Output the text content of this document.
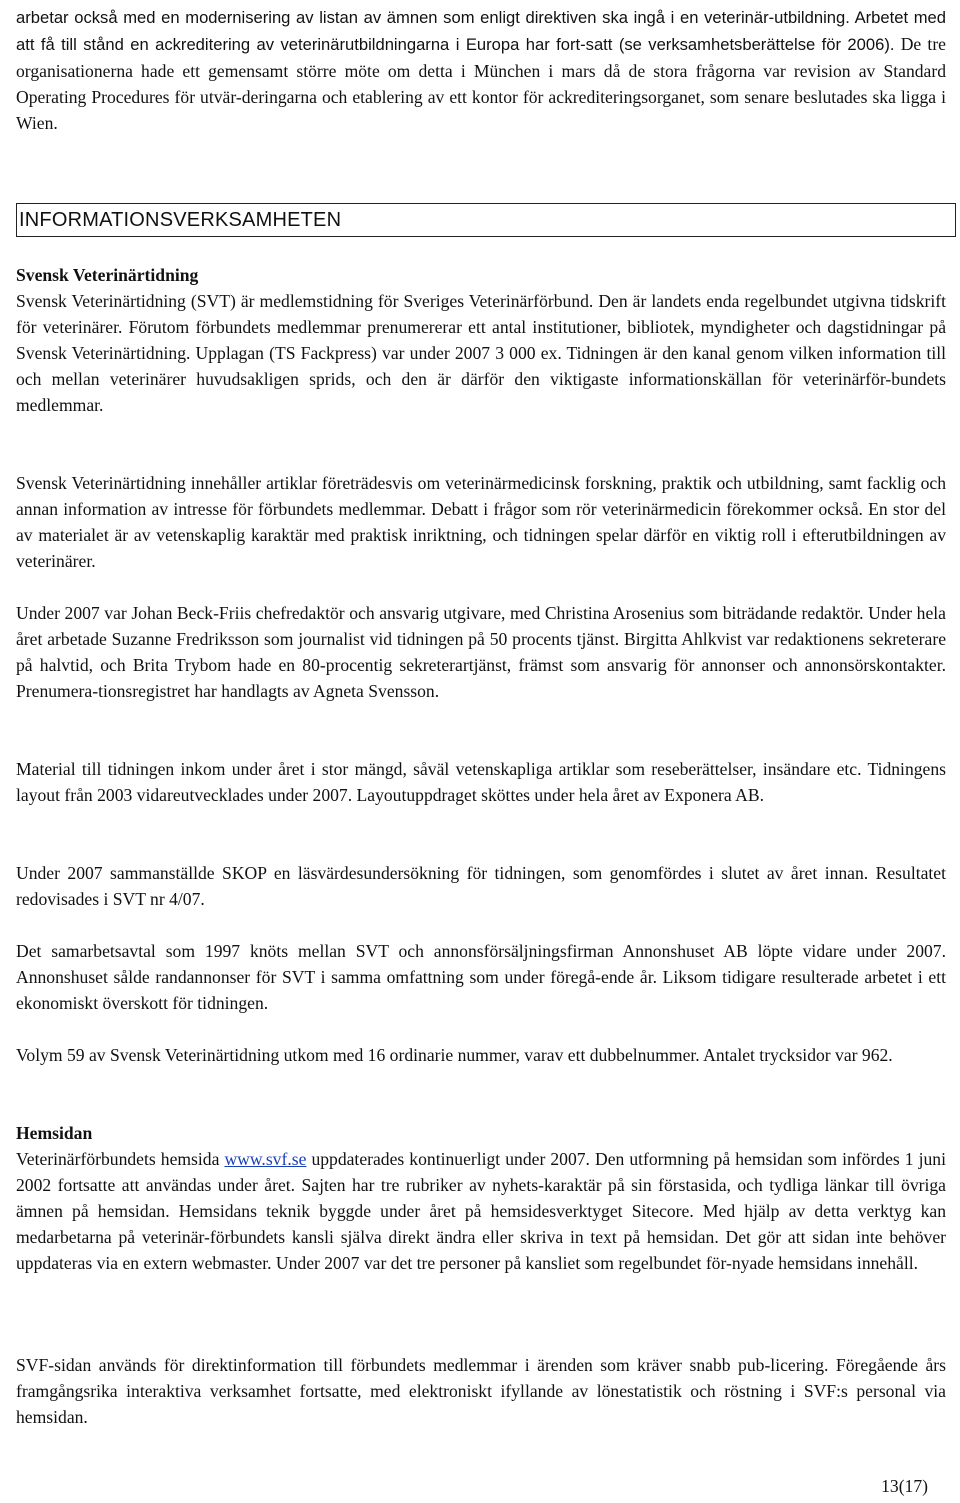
arbetar också med en modernisering av listan av ämnen som enligt direktiven ska ingå i en veterinär-utbildning. Arbetet med att få till stånd en ackreditering av veterinärutbildningarna i Europa har fort-satt (se verksamhetsberättelse för 2006). De tre organisationerna hade ett gemensamt större möte om detta i München i mars då de stora frågorna var revision av Standard Operating Procedures för utvär-deringarna och etablering av ett kontor för ackrediteringsorganet, som senare beslutades ska ligga i Wien.

INFORMATIONSVERKSAMHETEN
Svensk Veterinärtidning

Svensk Veterinärtidning (SVT) är medlemstidning för Sveriges Veterinärförbund. Den är landets enda regelbundet utgivna tidskrift för veterinärer. Förutom förbundets medlemmar prenumererar ett antal institutioner, bibliotek, myndigheter och dagstidningar på Svensk Veterinärtidning. Upplagan (TS Fackpress) var under 2007 3 000 ex. Tidningen är den kanal genom vilken information till och mellan veterinärer huvudsakligen sprids, och den är därför den viktigaste informationskällan för veterinärför-bundets medlemmar.

Svensk Veterinärtidning innehåller artiklar företrädesvis om veterinärmedicinsk forskning, praktik och utbildning, samt facklig och annan information av intresse för förbundets medlemmar. Debatt i frågor som rör veterinärmedicin förekommer också. En stor del av materialet är av vetenskaplig karaktär med praktisk inriktning, och tidningen spelar därför en viktig roll i efterutbildningen av veterinärer.

Under 2007 var Johan Beck-Friis chefredaktör och ansvarig utgivare, med Christina Arosenius som biträdande redaktör. Under hela året arbetade Suzanne Fredriksson som journalist vid tidningen på 50 procents tjänst. Birgitta Ahlkvist var redaktionens sekreterare på halvtid, och Brita Trybom hade en 80-procentig sekreterartjänst, främst som ansvarig för annonser och annonsörskontakter. Prenumera-tionsregistret har handlagts av Agneta Svensson.

Material till tidningen inkom under året i stor mängd, såväl vetenskapliga artiklar som reseberättelser, insändare etc. Tidningens layout från 2003 vidareutvecklades under 2007. Layoutuppdraget sköttes under hela året av Exponera AB.

Under 2007 sammanställde SKOP en läsvärdesundersökning för tidningen, som genomfördes i slutet av året innan. Resultatet redovisades i SVT nr 4/07.

Det samarbetsavtal som 1997 knöts mellan SVT och annonsförsäljningsfirman Annonshuset AB löpte vidare under 2007. Annonshuset sålde randannonser för SVT i samma omfattning som under föregå-ende år. Liksom tidigare resulterade arbetet i ett ekonomiskt överskott för tidningen.

Volym 59 av Svensk Veterinärtidning utkom med 16 ordinarie nummer, varav ett dubbelnummer. Antalet trycksidor var 962.

Hemsidan

Veterinärförbundets hemsida www.svf.se uppdaterades kontinuerligt under 2007. Den utformning på hemsidan som infördes 1 juni 2002 fortsatte att användas under året. Sajten har tre rubriker av nyhets-karaktär på sin förstasida, och tydliga länkar till övriga ämnen på hemsidan. Hemsidans teknik byggde under året på hemsidesverktyget Sitecore. Med hjälp av detta verktyg kan medarbetarna på veterinär-förbundets kansli själva direkt ändra eller skriva in text på hemsidan. Det gör att sidan inte behöver uppdateras via en extern webmaster. Under 2007 var det tre personer på kansliet som regelbundet för-nyade hemsidans innehåll.

SVF-sidan används för direktinformation till förbundets medlemmar i ärenden som kräver snabb pub-licering. Föregående års framgångsrika interaktiva verksamhet fortsatte, med elektroniskt ifyllande av lönestatistik och röstning i SVF:s personal via hemsidan.

13(17)
